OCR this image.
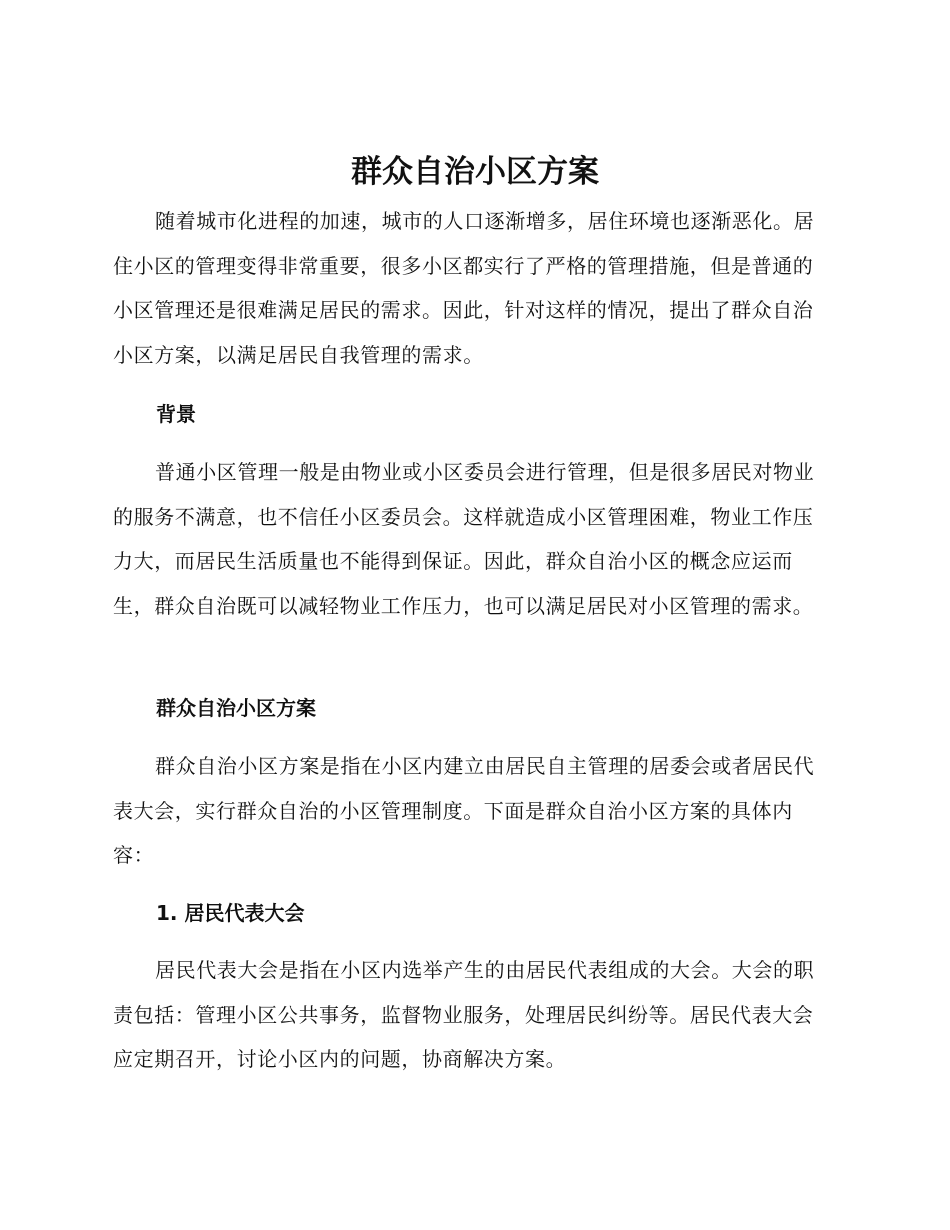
群众自治小区方案

随着城市化进程的加速，城市的人口逐渐增多，居住环境也逐渐恶化。居住小区的管理变得非常重要，很多小区都实行了严格的管理措施，但是普通的小区管理还是很难满足居民的需求。因此，针对这样的情况，提出了群众自治小区方案，以满足居民自我管理的需求。

背景

普通小区管理一般是由物业或小区委员会进行管理，但是很多居民对物业的服务不满意，也不信任小区委员会。这样就造成小区管理困难，物业工作压力大，而居民生活质量也不能得到保证。因此，群众自治小区的概念应运而生，群众自治既可以减轻物业工作压力，也可以满足居民对小区管理的需求。

群众自治小区方案

群众自治小区方案是指在小区内建立由居民自主管理的居委会或者居民代表大会，实行群众自治的小区管理制度。下面是群众自治小区方案的具体内容：

1. 居民代表大会

居民代表大会是指在小区内选举产生的由居民代表组成的大会。大会的职责包括：管理小区公共事务，监督物业服务，处理居民纠纷等。居民代表大会应定期召开，讨论小区内的问题，协商解决方案。
